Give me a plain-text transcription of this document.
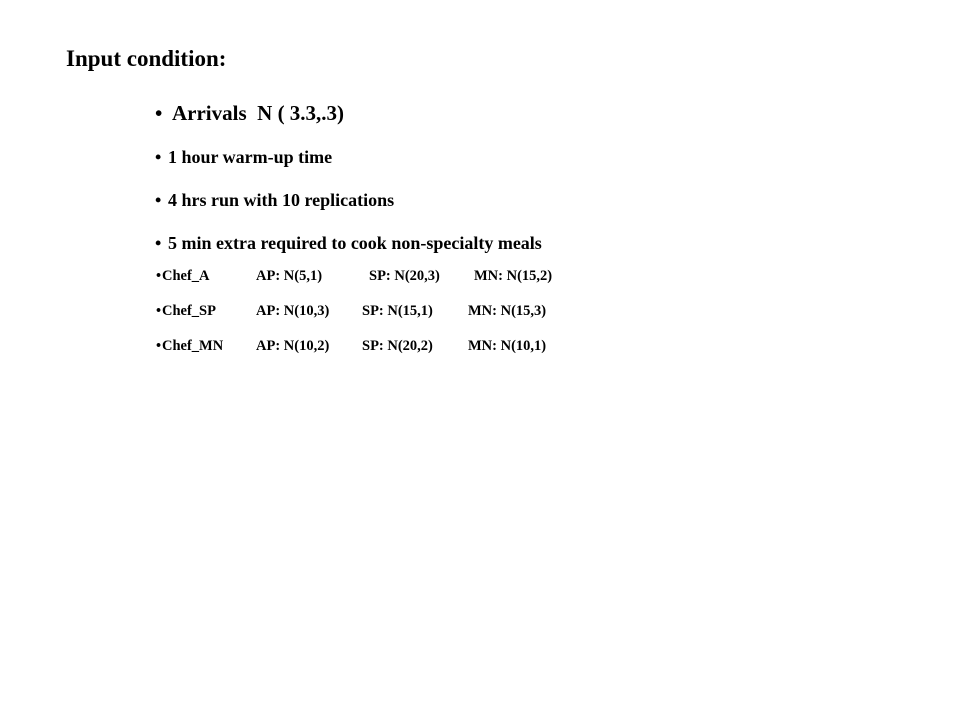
Input condition:
• Arrivals  N ( 3.3,.3)
• 1 hour warm-up time
• 4 hrs run with 10 replications
• 5 min extra required to cook non-specialty meals
•Chef_A	AP: N(5,1)	SP: N(20,3) MN: N(15,2)
•Chef_SP	AP: N(10,3) SP: N(15,1) MN: N(15,3)
•Chef_MN AP: N(10,2) SP: N(20,2) MN: N(10,1)
